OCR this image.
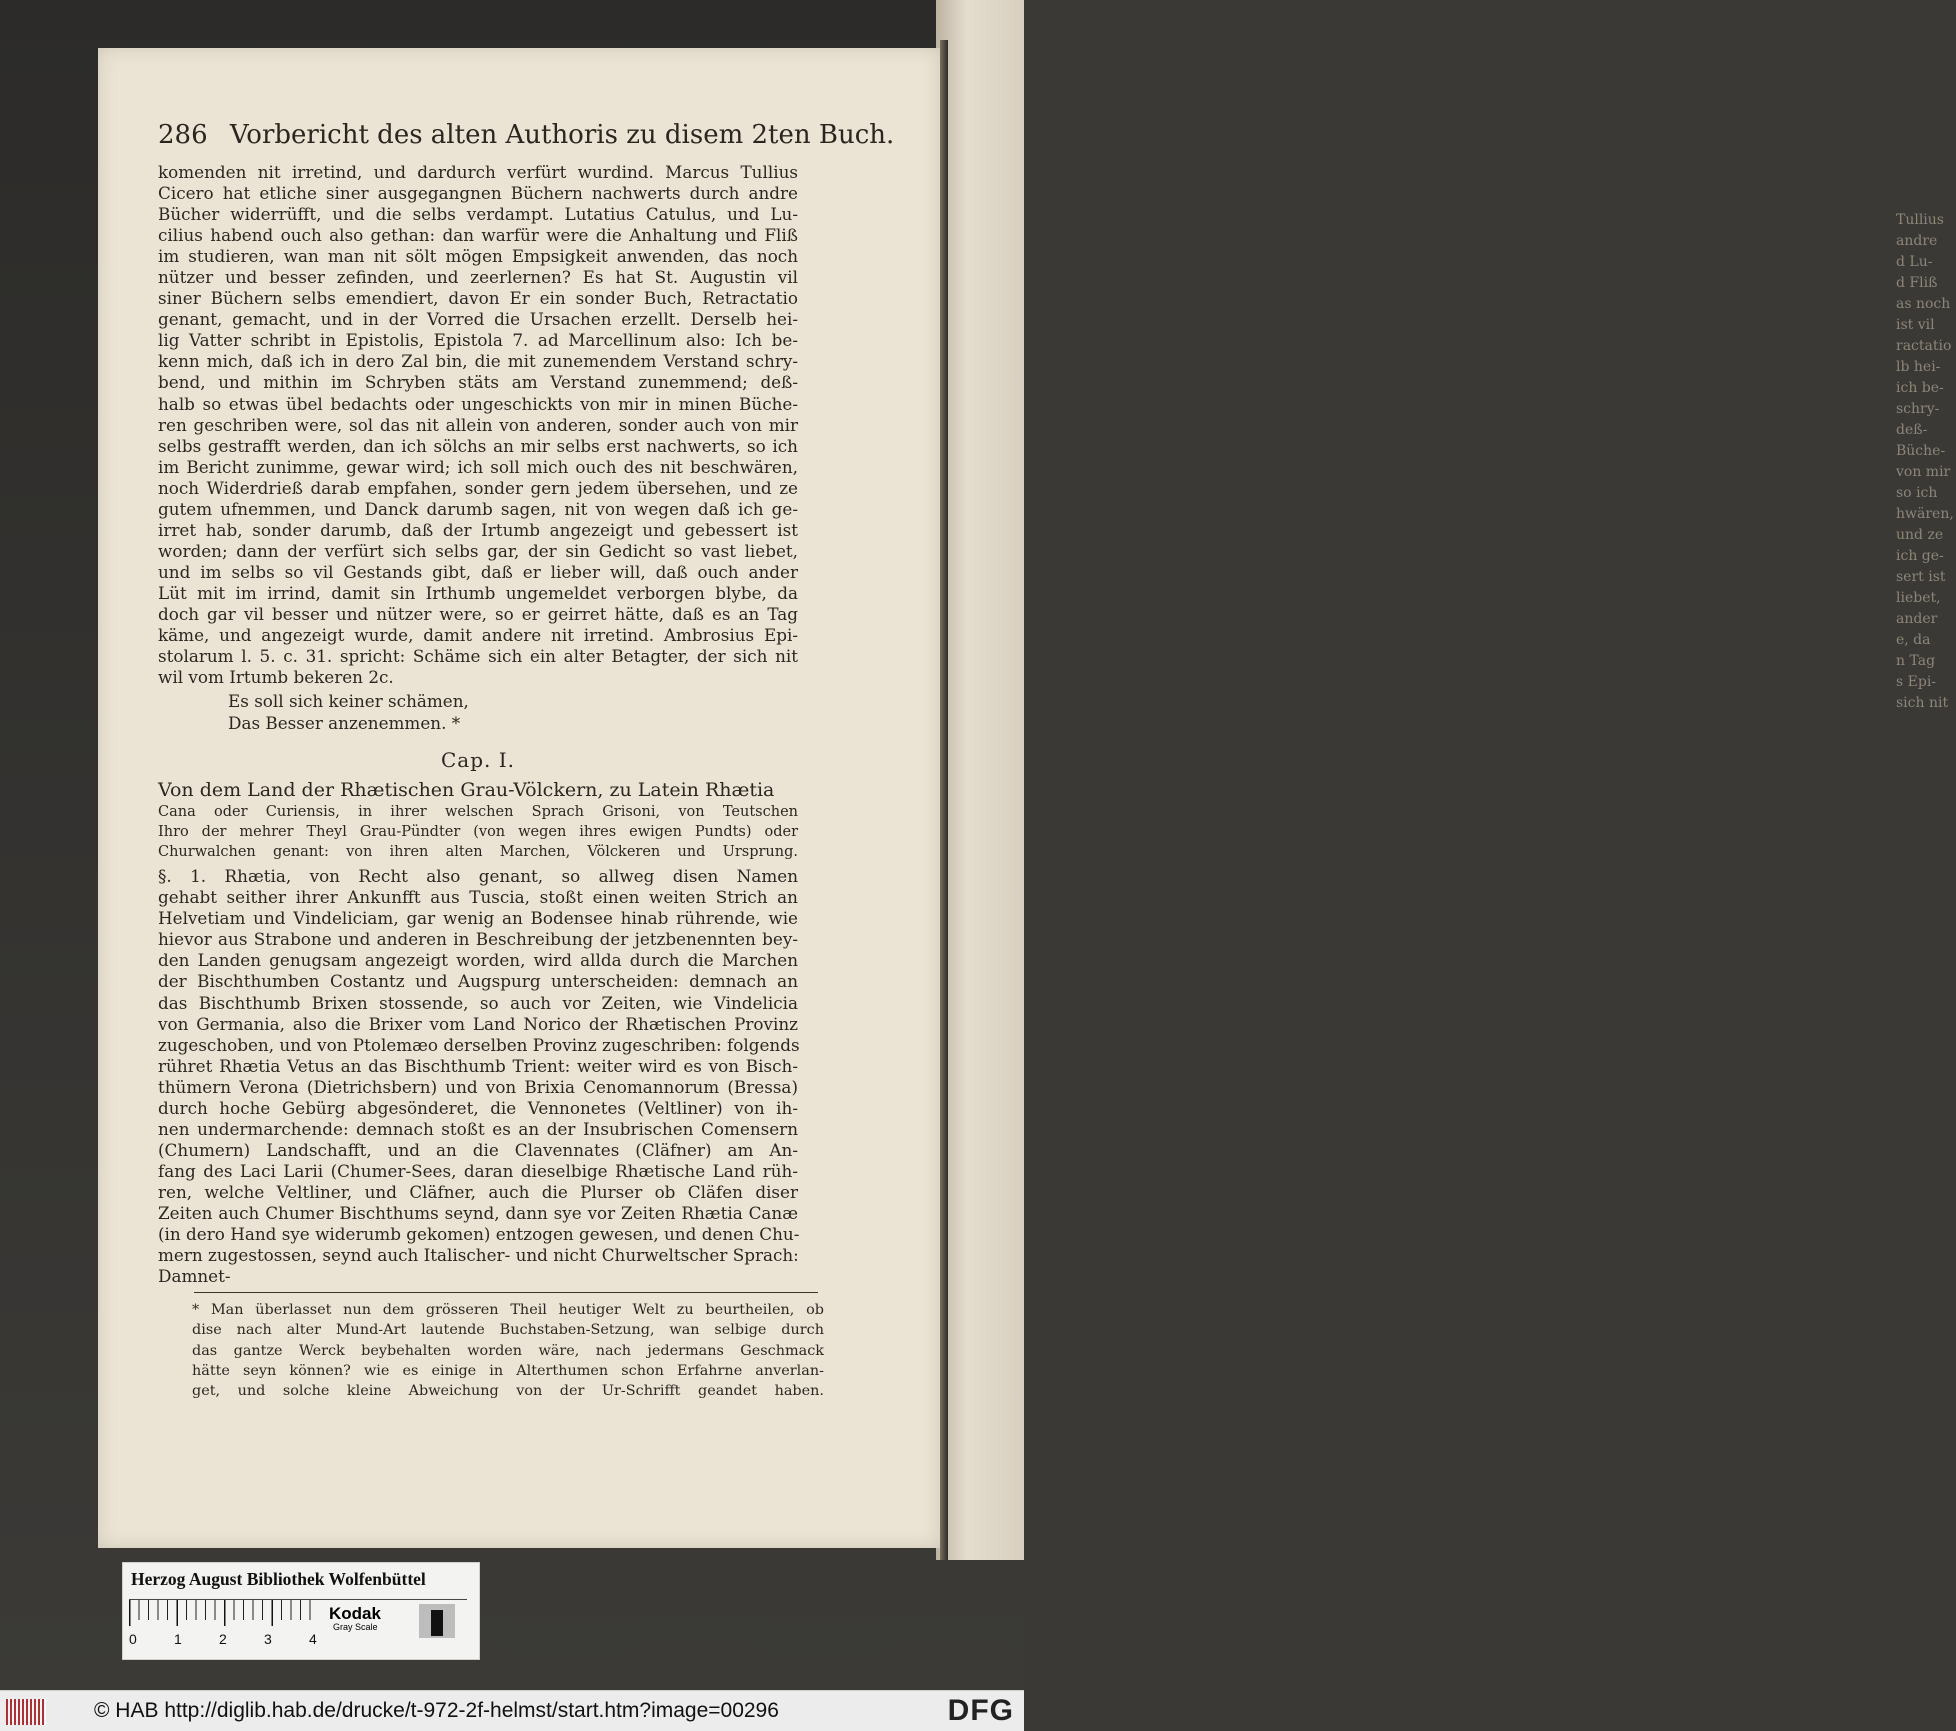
Tullius
andre
d Lu-
d Fliß
as noch
ist vil
ractatio
lb hei-
ich be-
schry-
deß-
Büche-
von mir
so ich
hwären,
und ze
ich ge-
sert ist
liebet,
ander
e, da
n Tag
s Epi-
sich nit
286 Vorbericht des alten Authoris zu disem 2ten Buch.
komenden nit irretind, und dardurch verfürt wurdind. Marcus Tullius
Cicero hat etliche siner ausgegangnen Büchern nachwerts durch andre
Bücher widerrüfft, und die selbs verdampt. Lutatius Catulus, und Lu-
cilius habend ouch also gethan: dan warfür were die Anhaltung und Fliß
im studieren, wan man nit sölt mögen Empsigkeit anwenden, das noch
nützer und besser zefinden, und zeerlernen? Es hat St. Augustin vil
siner Büchern selbs emendiert, davon Er ein sonder Buch, Retractatio
genant, gemacht, und in der Vorred die Ursachen erzellt. Derselb hei-
lig Vatter schribt in Epistolis, Epistola 7. ad Marcellinum also: Ich be-
kenn mich, daß ich in dero Zal bin, die mit zunemendem Verstand schry-
bend, und mithin im Schryben stäts am Verstand zunemmend; deß-
halb so etwas übel bedachts oder ungeschickts von mir in minen Büche-
ren geschriben were, sol das nit allein von anderen, sonder auch von mir
selbs gestrafft werden, dan ich sölchs an mir selbs erst nachwerts, so ich
im Bericht zunimme, gewar wird; ich soll mich ouch des nit beschwären,
noch Widerdrieß darab empfahen, sonder gern jedem übersehen, und ze
gutem ufnemmen, und Danck darumb sagen, nit von wegen daß ich ge-
irret hab, sonder darumb, daß der Irtumb angezeigt und gebessert ist
worden; dann der verfürt sich selbs gar, der sin Gedicht so vast liebet,
und im selbs so vil Gestands gibt, daß er lieber will, daß ouch ander
Lüt mit im irrind, damit sin Irthumb ungemeldet verborgen blybe, da
doch gar vil besser und nützer were, so er geirret hätte, daß es an Tag
käme, und angezeigt wurde, damit andere nit irretind. Ambrosius Epi-
stolarum l. 5. c. 31. spricht: Schäme sich ein alter Betagter, der sich nit
wil vom Irtumb bekeren 2c.
Es soll sich keiner schämen,
Das Besser anzenemmen. *
Cap. I.
Von dem Land der Rhætischen Grau-Völckern, zu Latein Rhætia
Cana oder Curiensis, in ihrer welschen Sprach Grisoni, von Teutschen
Ihro der mehrer Theyl Grau-Pündter (von wegen ihres ewigen Pundts) oder
Churwalchen genant: von ihren alten Marchen, Völckeren und Ursprung.
§. 1. Rhætia, von Recht also genant, so allweg disen Namen
gehabt seither ihrer Ankunfft aus Tuscia, stoßt einen weiten Strich an
Helvetiam und Vindeliciam, gar wenig an Bodensee hinab rührende, wie
hievor aus Strabone und anderen in Beschreibung der jetzbenennten bey-
den Landen genugsam angezeigt worden, wird allda durch die Marchen
der Bischthumben Costantz und Augspurg unterscheiden: demnach an
das Bischthumb Brixen stossende, so auch vor Zeiten, wie Vindelicia
von Germania, also die Brixer vom Land Norico der Rhætischen Provinz
zugeschoben, und von Ptolemæo derselben Provinz zugeschriben: folgends
rühret Rhætia Vetus an das Bischthumb Trient: weiter wird es von Bisch-
thümern Verona (Dietrichsbern) und von Brixia Cenomannorum (Bressa)
durch hoche Gebürg abgesönderet, die Vennonetes (Veltliner) von ih-
nen undermarchende: demnach stoßt es an der Insubrischen Comensern
(Chumern) Landschafft, und an die Clavennates (Cläfner) am An-
fang des Laci Larii (Chumer-Sees, daran dieselbige Rhætische Land rüh-
ren, welche Veltliner, und Cläfner, auch die Plurser ob Cläfen diser
Zeiten auch Chumer Bischthums seynd, dann sye vor Zeiten Rhætia Canæ
(in dero Hand sye widerumb gekomen) entzogen gewesen, und denen Chu-
mern zugestossen, seynd auch Italischer- und nicht Churweltscher Sprach:

Damnet-

* Man überlasset nun dem grösseren Theil heutiger Welt zu beurtheilen, ob
dise nach alter Mund-Art lautende Buchstaben-Setzung, wan selbige durch
das gantze Werck beybehalten worden wäre, nach jedermans Geschmack
hätte seyn können? wie es einige in Alterthumen schon Erfahrne anverlan-
get, und solche kleine Abweichung von der Ur-Schrifft geandet haben.
Herzog August Bibliothek Wolfenbüttel
Kodak
Gray Scale
0	1	2	3	4
© HAB http://diglib.hab.de/drucke/t-972-2f-helmst/start.htm?image=00296	DFG
